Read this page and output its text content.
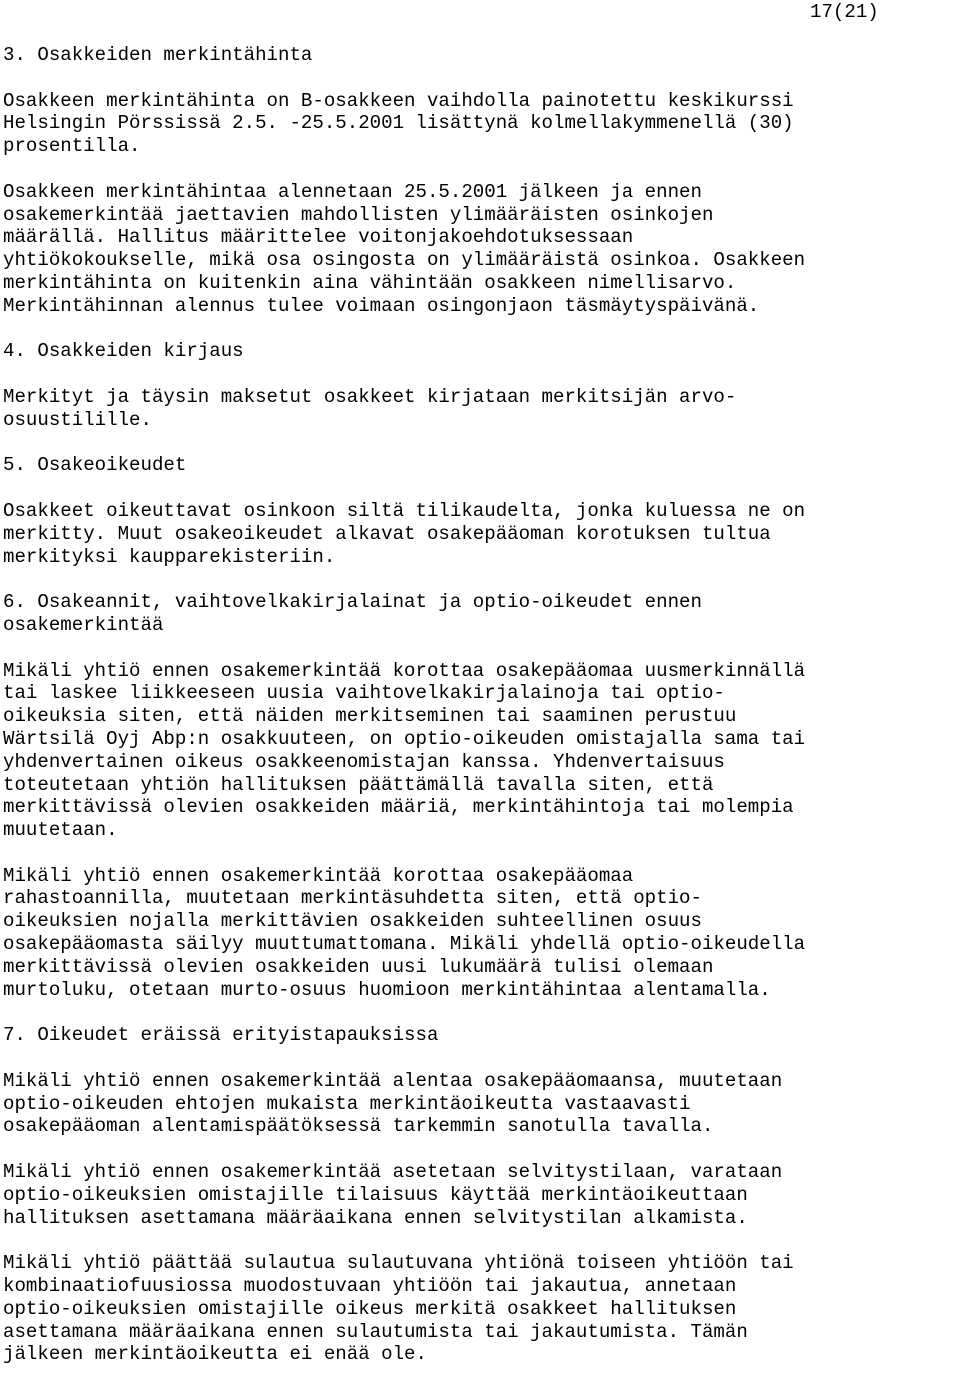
17(21)
3. Osakkeiden merkintähinta
Osakkeen merkintähinta on B-osakkeen vaihdolla painotettu keskikurssi
Helsingin Pörssissä 2.5. -25.5.2001 lisättynä kolmellakymmenellä (30)
prosentilla.
Osakkeen merkintähintaa alennetaan 25.5.2001 jälkeen ja ennen
osakemerkintää jaettavien mahdollisten ylimääräisten osinkojen
määrällä. Hallitus määrittelee voitonjakoehdotuksessaan
yhtiökokoukselle, mikä osa osingosta on ylimääräistä osinkoa. Osakkeen
merkintähinta on kuitenkin aina vähintään osakkeen nimellisarvo.
Merkintähinnan alennus tulee voimaan osingonjaon täsmäytyspäivänä.
4. Osakkeiden kirjaus
Merkityt ja täysin maksetut osakkeet kirjataan merkitsijän arvo-
osuustilille.
5. Osakeoikeudet
Osakkeet oikeuttavat osinkoon siltä tilikaudelta, jonka kuluessa ne on
merkitty. Muut osakeoikeudet alkavat osakepääoman korotuksen tultua
merkityksi kaupparekisteriin.
6. Osakeannit, vaihtovelkakirjalainat ja optio-oikeudet ennen
osakemerkintää
Mikäli yhtiö ennen osakemerkintää korottaa osakepääomaa uusmerkinnällä
tai laskee liikkeeseen uusia vaihtovelkakirjalainoja tai optio-
oikeuksia siten, että näiden merkitseminen tai saaminen perustuu
Wärtsilä Oyj Abp:n osakkuuteen, on optio-oikeuden omistajalla sama tai
yhdenvertainen oikeus osakkeenomistajan kanssa. Yhdenvertaisuus
toteutetaan yhtiön hallituksen päättämällä tavalla siten, että
merkittävissä olevien osakkeiden määriä, merkintähintoja tai molempia
muutetaan.
Mikäli yhtiö ennen osakemerkintää korottaa osakepääomaa
rahastoannilla, muutetaan merkintäsuhdetta siten, että optio-
oikeuksien nojalla merkittävien osakkeiden suhteellinen osuus
osakepääomasta säilyy muuttumattomana. Mikäli yhdellä optio-oikeudella
merkittävissä olevien osakkeiden uusi lukumäärä tulisi olemaan
murtoluku, otetaan murto-osuus huomioon merkintähintaa alentamalla.
7. Oikeudet eräissä erityistapauksissa
Mikäli yhtiö ennen osakemerkintää alentaa osakepääomaansa, muutetaan
optio-oikeuden ehtojen mukaista merkintäoikeutta vastaavasti
osakepääoman alentamispäätöksessä tarkemmin sanotulla tavalla.
Mikäli yhtiö ennen osakemerkintää asetetaan selvitystilaan, varataan
optio-oikeuksien omistajille tilaisuus käyttää merkintäoikeuttaan
hallituksen asettamana määräaikana ennen selvitystilan alkamista.
Mikäli yhtiö päättää sulautua sulautuvana yhtiönä toiseen yhtiöön tai
kombinaatiofuusiossa muodostuvaan yhtiöön tai jakautua, annetaan
optio-oikeuksien omistajille oikeus merkitä osakkeet hallituksen
asettamana määräaikana ennen sulautumista tai jakautumista. Tämän
jälkeen merkintäoikeutta ei enää ole.
